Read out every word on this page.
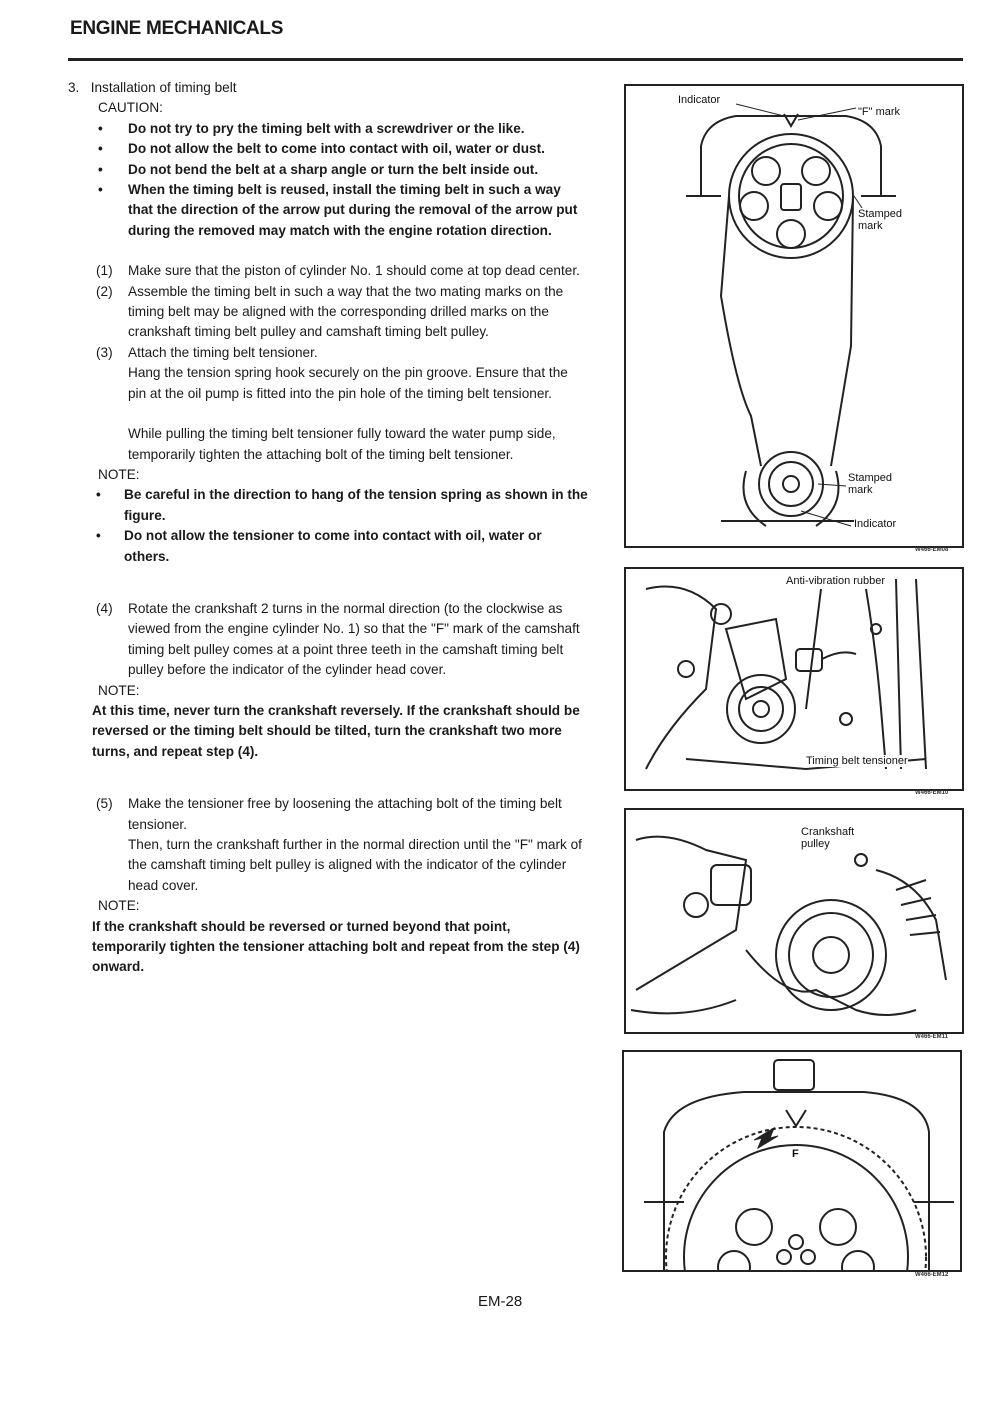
ENGINE MECHANICALS

3. Installation of timing belt

CAUTION:

• Do not try to pry the timing belt with a screwdriver or the like.

• Do not allow the belt to come into contact with oil, water or dust.

• Do not bend the belt at a sharp angle or turn the belt inside out.

• When the timing belt is reused, install the timing belt in such a way that the direction of the arrow put during the removal of the arrow put during the removed may match with the engine rotation direction.

(1) Make sure that the piston of cylinder No. 1 should come at top dead center.

(2) Assemble the timing belt in such a way that the two mating marks on the timing belt may be aligned with the corresponding drilled marks on the crankshaft timing belt pulley and camshaft timing belt pulley.

(3) Attach the timing belt tensioner.

Hang the tension spring hook securely on the pin groove. Ensure that the pin at the oil pump is fitted into the pin hole of the timing belt tensioner.

While pulling the timing belt tensioner fully toward the water pump side, temporarily tighten the attaching bolt of the timing belt tensioner.

NOTE:

• Be careful in the direction to hang of the tension spring as shown in the figure.

• Do not allow the tensioner to come into contact with oil, water or others.

(4) Rotate the crankshaft 2 turns in the normal direction (to the clockwise as viewed from the engine cylinder No. 1) so that the "F" mark of the camshaft timing belt pulley comes at a point three teeth in the camshaft timing belt pulley before the indicator of the cylinder head cover.

NOTE:

At this time, never turn the crankshaft reversely. If the crankshaft should be reversed or the timing belt should be tilted, turn the crankshaft two more turns, and repeat step (4).

(5) Make the tensioner free by loosening the attaching bolt of the timing belt tensioner.

Then, turn the crankshaft further in the normal direction until the "F" mark of the camshaft timing belt pulley is aligned with the indicator of the cylinder head cover.

NOTE:

If the crankshaft should be reversed or turned beyond that point, temporarily tighten the tensioner attaching bolt and repeat from the step (4) onward.

Indicator
"F" mark
Stamped mark
Stamped mark
Indicator
W466-EM08
Anti-vibration rubber
Timing belt tensioner
W466-EM10
Crankshaft pulley
W466-EM11
F
W466-EM12
EM-28
